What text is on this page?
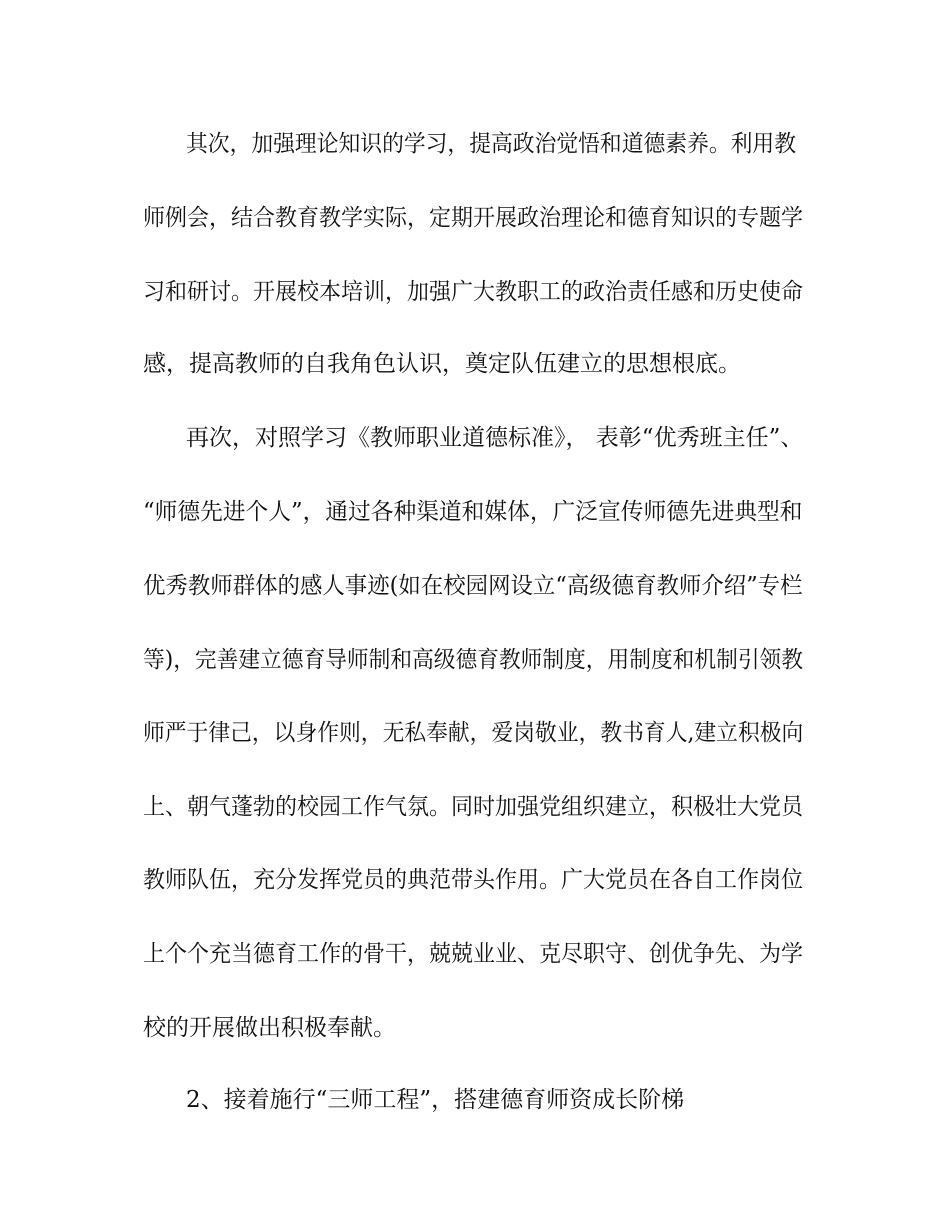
其次，加强理论知识的学习，提高政治觉悟和道德素养。利用教
师例会，结合教育教学实际，定期开展政治理论和德育知识的专题学
习和研讨。开展校本培训，加强广大教职工的政治责任感和历史使命
感，提高教师的自我角色认识，奠定队伍建立的思想根底。
再次，对照学习《教师职业道德标准》， 表彰“优秀班主任”、
“师德先进个人”，通过各种渠道和媒体，广泛宣传师德先进典型和
优秀教师群体的感人事迹(如在校园网设立“高级德育教师介绍”专栏
等)，完善建立德育导师制和高级德育教师制度，用制度和机制引领教
师严于律己，以身作则，无私奉献，爱岗敬业，教书育人,建立积极向
上、朝气蓬勃的校园工作气氛。同时加强党组织建立，积极壮大党员
教师队伍，充分发挥党员的典范带头作用。广大党员在各自工作岗位
上个个充当德育工作的骨干，兢兢业业、克尽职守、创优争先、为学
校的开展做出积极奉献。
2、接着施行“三师工程”，搭建德育师资成长阶梯
